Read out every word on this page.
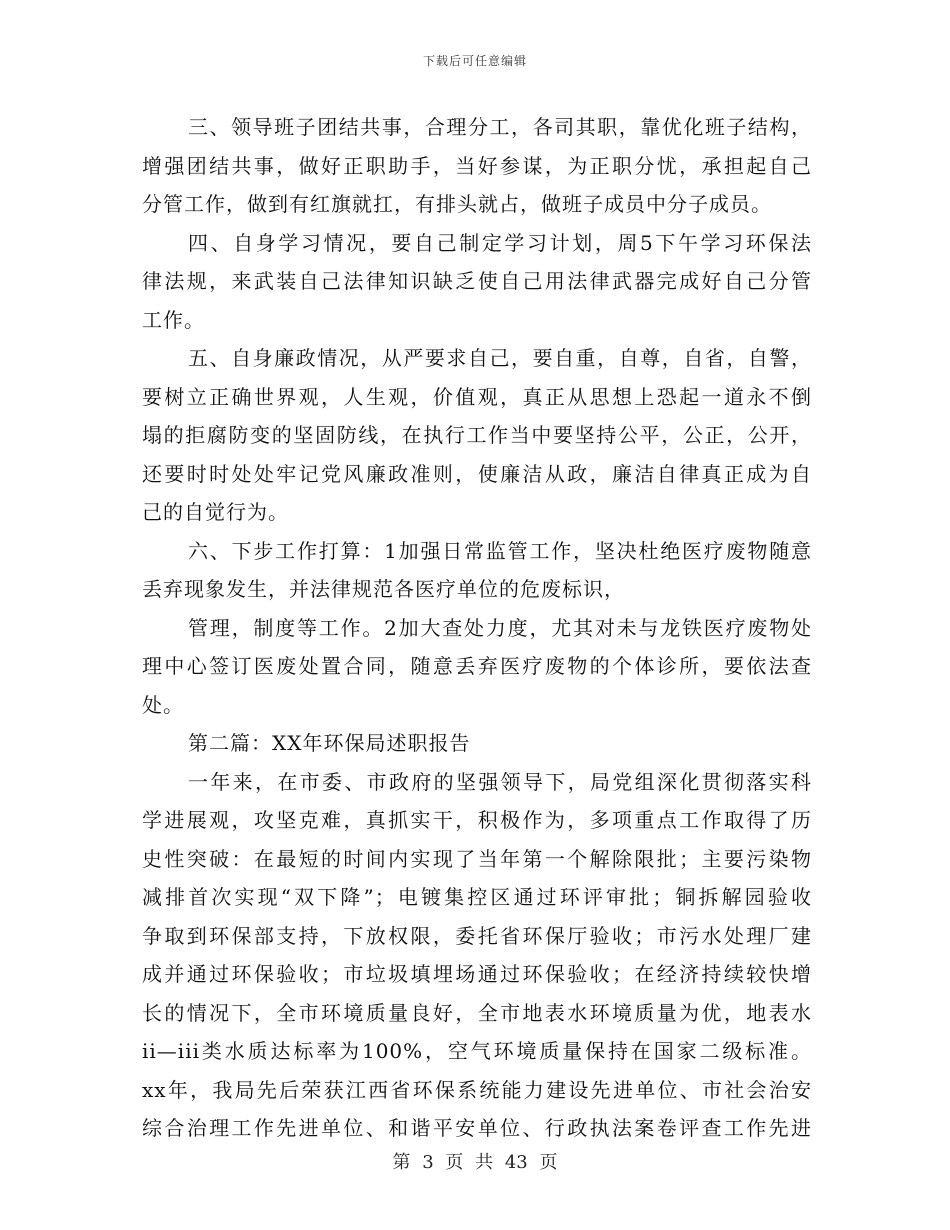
下载后可任意编辑
三、领导班子团结共事，合理分工，各司其职，靠优化班子结构，
增强团结共事，做好正职助手，当好参谋，为正职分忧，承担起自己
分管工作，做到有红旗就扛，有排头就占，做班子成员中分子成员。
四、自身学习情况，要自己制定学习计划，周5下午学习环保法
律法规，来武装自己法律知识缺乏使自己用法律武器完成好自己分管
工作。
五、自身廉政情况，从严要求自己，要自重，自尊，自省，自警，
要树立正确世界观，人生观，价值观，真正从思想上恐起一道永不倒
塌的拒腐防变的坚固防线，在执行工作当中要坚持公平，公正，公开，
还要时时处处牢记党风廉政准则，使廉洁从政，廉洁自律真正成为自
己的自觉行为。
六、下步工作打算：1加强日常监管工作，坚决杜绝医疗废物随意
丢弃现象发生，并法律规范各医疗单位的危废标识，
管理，制度等工作。2加大查处力度，尤其对未与龙铁医疗废物处
理中心签订医废处置合同，随意丢弃医疗废物的个体诊所，要依法查
处。
第二篇：XX年环保局述职报告
一年来，在市委、市政府的坚强领导下，局党组深化贯彻落实科
学进展观，攻坚克难，真抓实干，积极作为，多项重点工作取得了历
史性突破：在最短的时间内实现了当年第一个解除限批；主要污染物
减排首次实现“双下降”；电镀集控区通过环评审批；铜拆解园验收
争取到环保部支持，下放权限，委托省环保厅验收；市污水处理厂建
成并通过环保验收；市垃圾填埋场通过环保验收；在经济持续较快增
长的情况下，全市环境质量良好，全市地表水环境质量为优，地表水
ii—iii类水质达标率为100%，空气环境质量保持在国家二级标准。
xx年，我局先后荣获江西省环保系统能力建设先进单位、市社会治安
综合治理工作先进单位、和谐平安单位、行政执法案卷评查工作先进
第 3 页 共 43 页
